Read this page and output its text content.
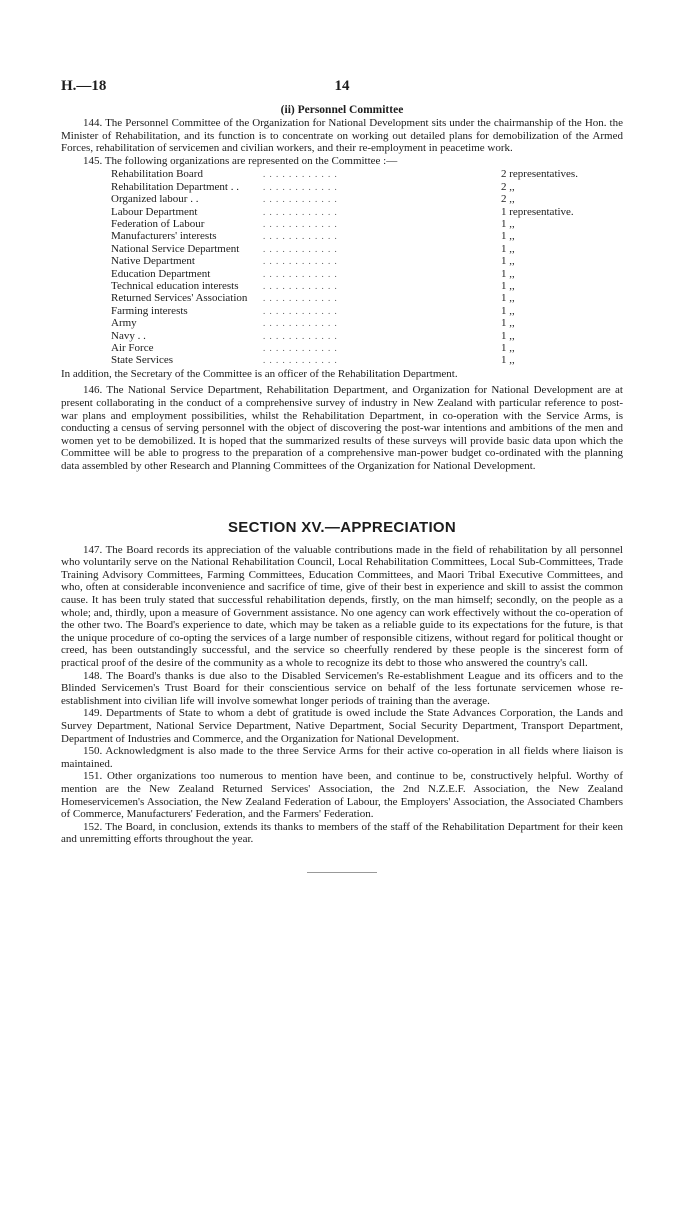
H.—18	14
(ii) Personnel Committee

144. The Personnel Committee of the Organization for National Development sits under the chairmanship of the Hon. the Minister of Rehabilitation, and its function is to concentrate on working out detailed plans for demobilization of the Armed Forces, rehabilitation of servicemen and civilian workers, and their re-employment in peacetime work.

145. The following organizations are represented on the Committee :—

Rehabilitation Board	. . . . . . . . . . . .	2 representatives.
Rehabilitation Department . .	. . . . . . . . . . . .	2 ,,
Organized labour . .	. . . . . . . . . . . .	2 ,,
Labour Department	. . . . . . . . . . . .	1 representative.
Federation of Labour	. . . . . . . . . . . .	1 ,,
Manufacturers' interests	. . . . . . . . . . . .	1 ,,
National Service Department	. . . . . . . . . . . .	1 ,,
Native Department	. . . . . . . . . . . .	1 ,,
Education Department	. . . . . . . . . . . .	1 ,,
Technical education interests	. . . . . . . . . . . .	1 ,,
Returned Services' Association	. . . . . . . . . . . .	1 ,,
Farming interests	. . . . . . . . . . . .	1 ,,
Army	. . . . . . . . . . . .	1 ,,
Navy . .	. . . . . . . . . . . .	1 ,,
Air Force	. . . . . . . . . . . .	1 ,,
State Services	. . . . . . . . . . . .	1 ,,

In addition, the Secretary of the Committee is an officer of the Rehabilitation Department.

146. The National Service Department, Rehabilitation Department, and Organization for National Development are at present collaborating in the conduct of a comprehensive survey of industry in New Zealand with particular reference to post-war plans and employment possibilities, whilst the Rehabilitation Department, in co-operation with the Service Arms, is conducting a census of serving personnel with the object of discovering the post-war intentions and ambitions of the men and women yet to be demobilized. It is hoped that the summarized results of these surveys will provide basic data upon which the Committee will be able to progress to the preparation of a comprehensive man-power budget co-ordinated with the planning data assembled by other Research and Planning Committees of the Organization for National Development.

SECTION XV.—APPRECIATION

147. The Board records its appreciation of the valuable contributions made in the field of rehabilitation by all personnel who voluntarily serve on the National Rehabilitation Council, Local Rehabilitation Committees, Local Sub-Committees, Trade Training Advisory Committees, Farming Committees, Education Committees, and Maori Tribal Executive Committees, and who, often at considerable inconvenience and sacrifice of time, give of their best in experience and skill to assist the common cause. It has been truly stated that successful rehabilitation depends, firstly, on the man himself; secondly, on the people as a whole; and, thirdly, upon a measure of Government assistance. No one agency can work effectively without the co-operation of the other two. The Board's experience to date, which may be taken as a reliable guide to its expectations for the future, is that the unique procedure of co-opting the services of a large number of responsible citizens, without regard for political thought or creed, has been outstandingly successful, and the service so cheerfully rendered by these people is the sincerest form of practical proof of the desire of the community as a whole to recognize its debt to those who answered the country's call.

148. The Board's thanks is due also to the Disabled Servicemen's Re-establishment League and its officers and to the Blinded Servicemen's Trust Board for their conscientious service on behalf of the less fortunate servicemen whose re-establishment into civilian life will involve somewhat longer periods of training than the average.

149. Departments of State to whom a debt of gratitude is owed include the State Advances Corporation, the Lands and Survey Department, National Service Department, Native Department, Social Security Department, Transport Department, Department of Industries and Commerce, and the Organization for National Development.

150. Acknowledgment is also made to the three Service Arms for their active co-operation in all fields where liaison is maintained.

151. Other organizations too numerous to mention have been, and continue to be, constructively helpful. Worthy of mention are the New Zealand Returned Services' Association, the 2nd N.Z.E.F. Association, the New Zealand Homeservicemen's Association, the New Zealand Federation of Labour, the Employers' Association, the Associated Chambers of Commerce, Manufacturers' Federation, and the Farmers' Federation.

152. The Board, in conclusion, extends its thanks to members of the staff of the Rehabilitation Department for their keen and unremitting efforts throughout the year.
